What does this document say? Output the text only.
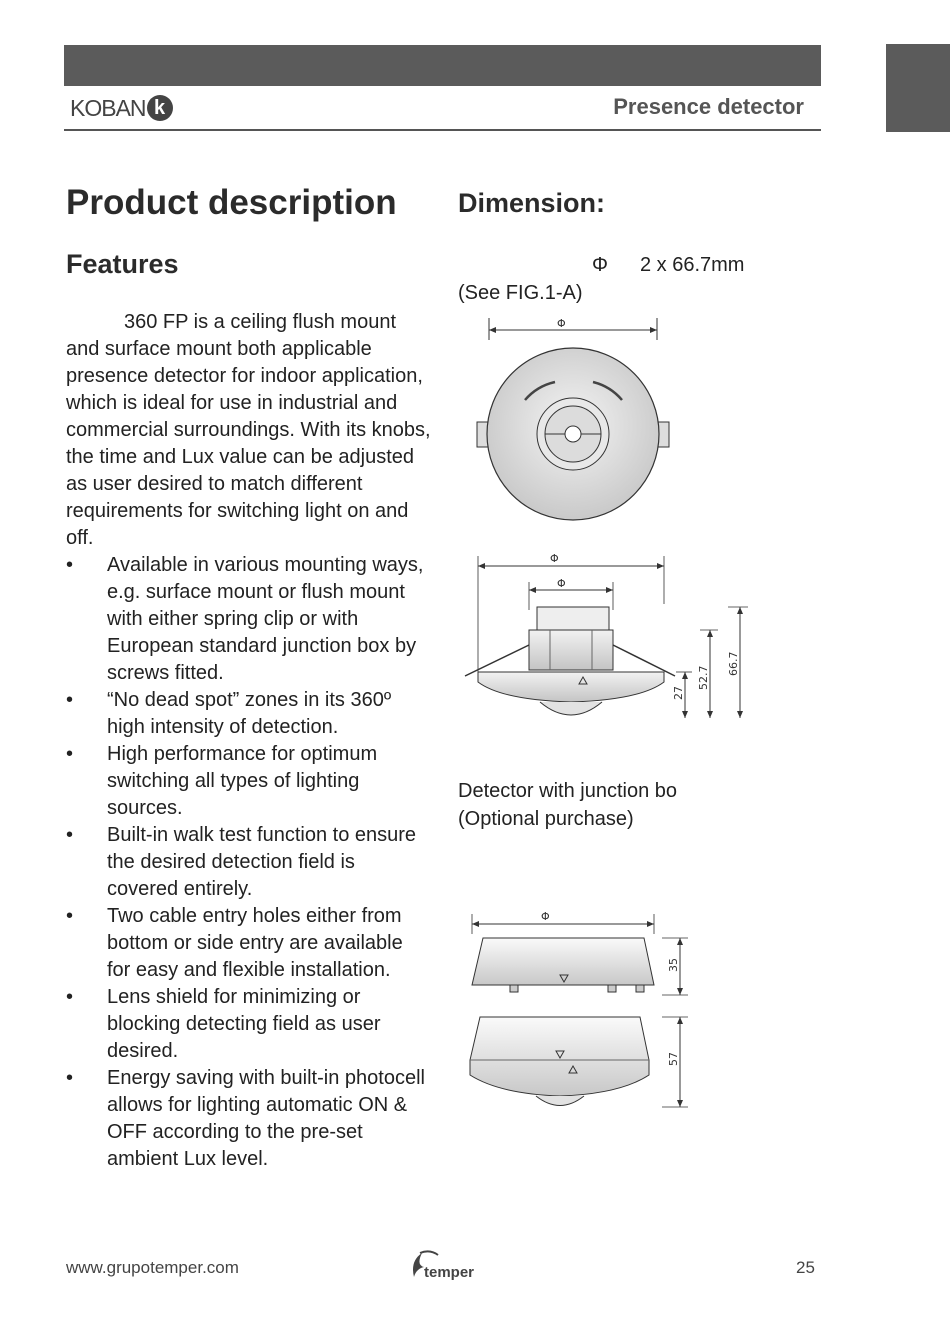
KOBAN k	Presence detector
Product description
Features

360 FP is a ceiling flush mount and surface mount both applicable presence detector for indoor application, which is ideal for use in industrial and commercial surroundings. With its knobs, the time and Lux value can be adjusted as user desired to match different requirements for switching light on and off.

• Available in various mounting ways, e.g. surface mount or flush mount with either spring clip or with European standard junction box by screws fitted.
• “No dead spot” zones in its 360º high intensity of detection.
• High performance for optimum switching all types of lighting sources.
• Built-in walk test function to ensure the desired detection field is covered entirely.
• Two cable entry holes either from bottom or side entry are available for easy and flexible installation.
• Lens shield for minimizing or blocking detecting field as user desired.
• Energy saving with built-in photocell allows for lighting automatic ON & OFF according to the pre-set ambient Lux level.
Dimension:
Φ 2 x 66.7mm
(See FIG.1-A)
Detector with junction bo
(Optional purchase)
Φ
Φ
Φ
27
52.7
66.7
Φ
35
57
www.grupotemper.com	temper	25
